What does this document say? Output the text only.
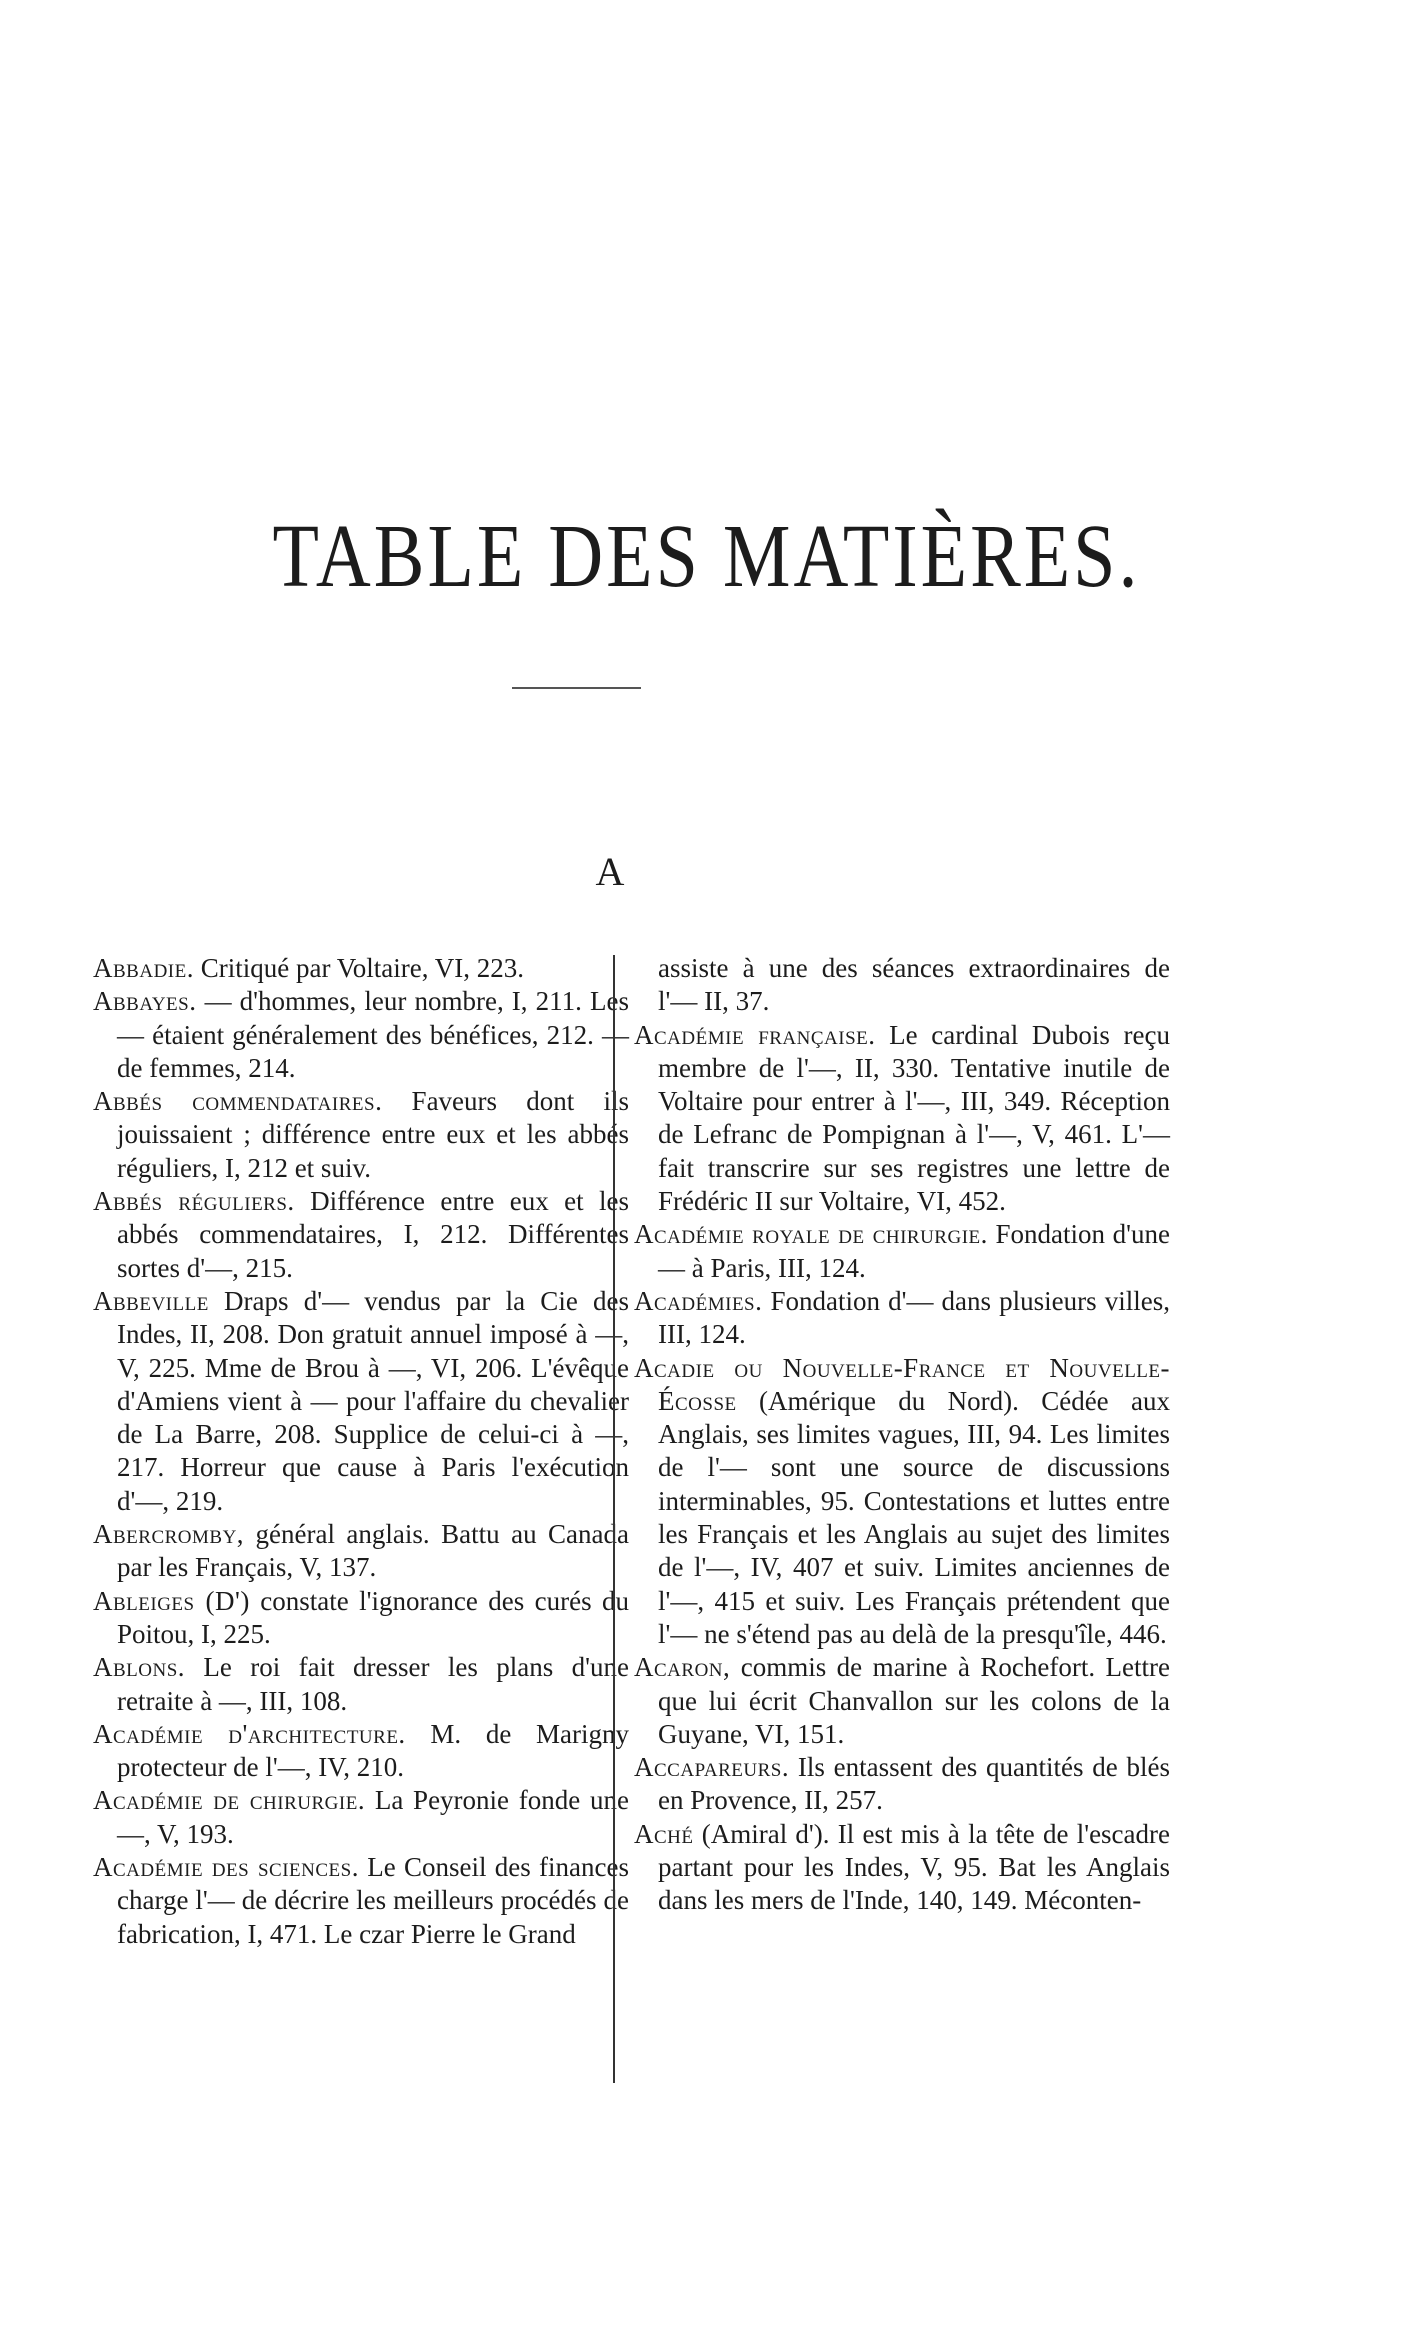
TABLE DES MATIÈRES.
A

Abbadie. Critiqué par Voltaire, VI, 223.

Abbayes. — d'hommes, leur nombre, I, 211. Les — étaient généralement des bénéfices, 212. — de femmes, 214.

Abbés commendataires. Faveurs dont ils jouissaient ; différence entre eux et les abbés réguliers, I, 212 et suiv.

Abbés réguliers. Différence entre eux et les abbés commendataires, I, 212. Différentes sortes d'—, 215.

Abbeville Draps d'— vendus par la Cie des Indes, II, 208. Don gratuit annuel imposé à —, V, 225. Mme de Brou à —, VI, 206. L'évêque d'Amiens vient à — pour l'affaire du chevalier de La Barre, 208. Supplice de celui-ci à —, 217. Horreur que cause à Paris l'exécution d'—, 219.

Abercromby, général anglais. Battu au Canada par les Français, V, 137.

Ableiges (D') constate l'ignorance des curés du Poitou, I, 225.

Ablons. Le roi fait dresser les plans d'une retraite à —, III, 108.

Académie d'architecture. M. de Marigny protecteur de l'—, IV, 210.

Académie de chirurgie. La Peyronie fonde une —, V, 193.

Académie des sciences. Le Conseil des finances charge l'— de décrire les meilleurs procédés de fabrication, I, 471. Le czar Pierre le Grand

assiste à une des séances extraordinaires de l'— II, 37.

Académie française. Le cardinal Dubois reçu membre de l'—, II, 330. Tentative inutile de Voltaire pour entrer à l'—, III, 349. Réception de Lefranc de Pompignan à l'—, V, 461. L'— fait transcrire sur ses registres une lettre de Frédéric II sur Voltaire, VI, 452.

Académie royale de chirurgie. Fondation d'une — à Paris, III, 124.

Académies. Fondation d'— dans plusieurs villes, III, 124.

Acadie ou Nouvelle-France et Nouvelle-Écosse (Amérique du Nord). Cédée aux Anglais, ses limites vagues, III, 94. Les limites de l'— sont une source de discussions interminables, 95. Contestations et luttes entre les Français et les Anglais au sujet des limites de l'—, IV, 407 et suiv. Limites anciennes de l'—, 415 et suiv. Les Français prétendent que l'— ne s'étend pas au delà de la presqu'île, 446.

Acaron, commis de marine à Rochefort. Lettre que lui écrit Chanvallon sur les colons de la Guyane, VI, 151.

Accapareurs. Ils entassent des quantités de blés en Provence, II, 257.

Aché (Amiral d'). Il est mis à la tête de l'escadre partant pour les Indes, V, 95. Bat les Anglais dans les mers de l'Inde, 140, 149. Méconten-
